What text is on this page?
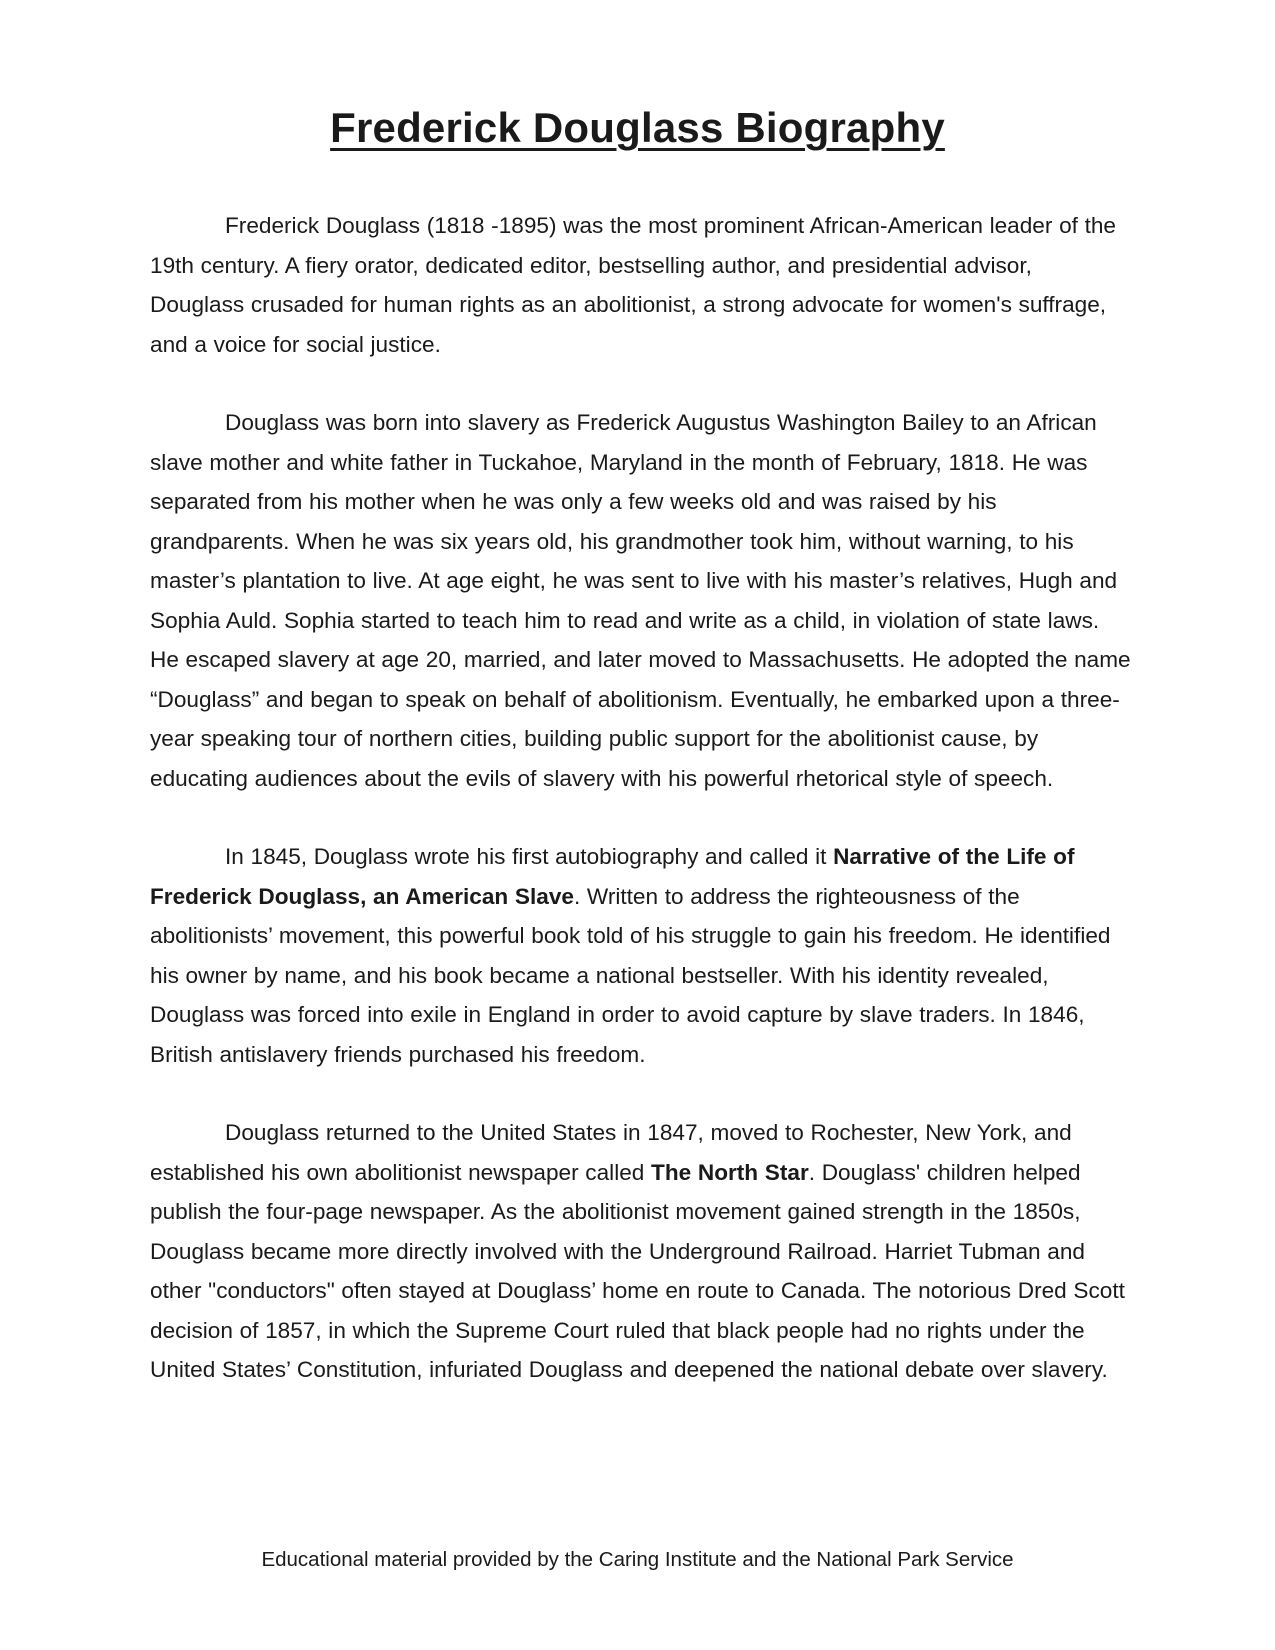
Frederick Douglass Biography

Frederick Douglass (1818 -1895) was the most prominent African-American leader of the 19th century. A fiery orator, dedicated editor, bestselling author, and presidential advisor, Douglass crusaded for human rights as an abolitionist, a strong advocate for women's suffrage, and a voice for social justice.

Douglass was born into slavery as Frederick Augustus Washington Bailey to an African slave mother and white father in Tuckahoe, Maryland in the month of February, 1818. He was separated from his mother when he was only a few weeks old and was raised by his grandparents. When he was six years old, his grandmother took him, without warning, to his master’s plantation to live. At age eight, he was sent to live with his master’s relatives, Hugh and Sophia Auld. Sophia started to teach him to read and write as a child, in violation of state laws. He escaped slavery at age 20, married, and later moved to Massachusetts. He adopted the name “Douglass” and began to speak on behalf of abolitionism. Eventually, he embarked upon a three-year speaking tour of northern cities, building public support for the abolitionist cause, by educating audiences about the evils of slavery with his powerful rhetorical style of speech.

In 1845, Douglass wrote his first autobiography and called it Narrative of the Life of Frederick Douglass, an American Slave. Written to address the righteousness of the abolitionists’ movement, this powerful book told of his struggle to gain his freedom. He identified his owner by name, and his book became a national bestseller. With his identity revealed, Douglass was forced into exile in England in order to avoid capture by slave traders. In 1846, British antislavery friends purchased his freedom.

Douglass returned to the United States in 1847, moved to Rochester, New York, and established his own abolitionist newspaper called The North Star. Douglass' children helped publish the four-page newspaper. As the abolitionist movement gained strength in the 1850s, Douglass became more directly involved with the Underground Railroad. Harriet Tubman and other "conductors" often stayed at Douglass’ home en route to Canada. The notorious Dred Scott decision of 1857, in which the Supreme Court ruled that black people had no rights under the United States’ Constitution, infuriated Douglass and deepened the national debate over slavery.

Educational material provided by the Caring Institute and the National Park Service
